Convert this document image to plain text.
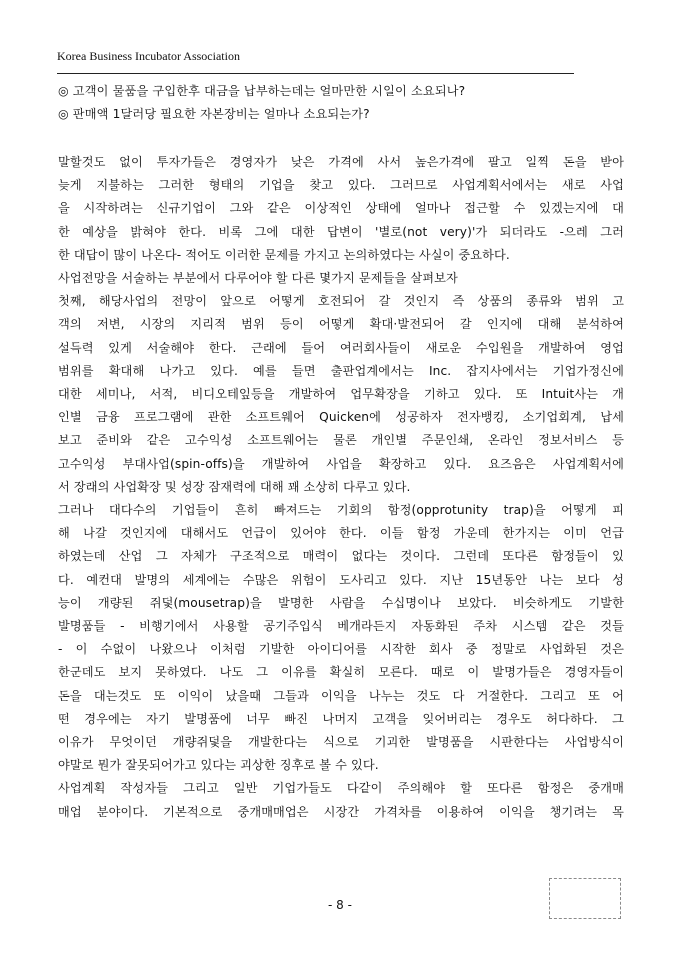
Korea Business Incubator Association
◎ 고객이 물품을 구입한후 대금을 납부하는데는 얼마만한 시일이 소요되나?
◎ 판매액 1달러당 필요한 자본장비는 얼마나 소요되는가?
말할것도 없이 투자가들은 경영자가 낮은 가격에 사서 높은가격에 팔고 일찍 돈을 받아
늦게 지불하는 그러한 형태의 기업을 찾고 있다. 그러므로 사업계획서에서는 새로 사업
을 시작하려는 신규기업이 그와 같은 이상적인 상태에 얼마나 접근할 수 있겠는지에 대
한 예상을 밝혀야 한다. 비록 그에 대한 답변이 '별로(not very)'가 되더라도 -으레 그러
한 대답이 많이 나온다- 적어도 이러한 문제를 가지고 논의하였다는 사실이 중요하다.
사업전망을 서술하는 부분에서 다루어야 할 다른 몇가지 문제들을 살펴보자
첫째, 해당사업의 전망이 앞으로 어떻게 호전되어 갈 것인지 즉 상품의 종류와 범위 고
객의 저변, 시장의 지리적 범위 등이 어떻게 확대·발전되어 갈 인지에 대해 분석하여
설득력 있게 서술해야 한다. 근래에 들어 여러회사들이 새로운 수입원을 개발하여 영업
범위를 확대해 나가고 있다. 예를 들면 출판업계에서는 Inc. 잡지사에서는 기업가정신에
대한 세미나, 서적, 비디오테잎등을 개발하여 업무확장을 기하고 있다. 또 Intuit사는 개
인별 금융 프로그램에 관한 소프트웨어 Quicken에 성공하자 전자뱅킹, 소기업회계, 납세
보고 준비와 같은 고수익성 소프트웨어는 물론 개인별 주문인쇄, 온라인 정보서비스 등
고수익성 부대사업(spin-offs)을 개발하여 사업을 확장하고 있다. 요즈음은 사업계획서에
서 장래의 사업확장 및 성장 잠재력에 대해 꽤 소상히 다루고 있다.
그러나 대다수의 기업들이 흔히 빠져드는 기회의 함정(opprotunity trap)을 어떻게 피
해 나갈 것인지에 대해서도 언급이 있어야 한다. 이들 함정 가운데 한가지는 이미 언급
하였는데 산업 그 자체가 구조적으로 매력이 없다는 것이다. 그런데 또다른 함정들이 있
다. 예컨대 발명의 세계에는 수많은 위험이 도사리고 있다. 지난 15년동안 나는 보다 성
능이 개량된 쥐덫(mousetrap)을 발명한 사람을 수십명이나 보았다. 비슷하게도 기발한
발명품들 - 비행기에서 사용할 공기주입식 베개라든지 자동화된 주차 시스템 같은 것들
- 이 수없이 나왔으나 이처럼 기발한 아이디어를 시작한 회사 중 정말로 사업화된 것은
한군데도 보지 못하였다. 나도 그 이유를 확실히 모른다. 때로 이 발명가들은 경영자들이
돈을 대는것도 또 이익이 났을때 그들과 이익을 나누는 것도 다 거절한다. 그리고 또 어
떤 경우에는 자기 발명품에 너무 빠진 나머지 고객을 잊어버리는 경우도 허다하다. 그
이유가 무엇이던 개량쥐덫을 개발한다는 식으로 기괴한 발명품을 시판한다는 사업방식이
야말로 뭔가 잘못되어가고 있다는 괴상한 징후로 볼 수 있다.
사업계획 작성자들 그리고 일반 기업가들도 다같이 주의해야 할 또다른 함정은 중개매
매업 분야이다. 기본적으로 중개매매업은 시장간 가격차를 이용하여 이익을 챙기려는 목
- 8 -
